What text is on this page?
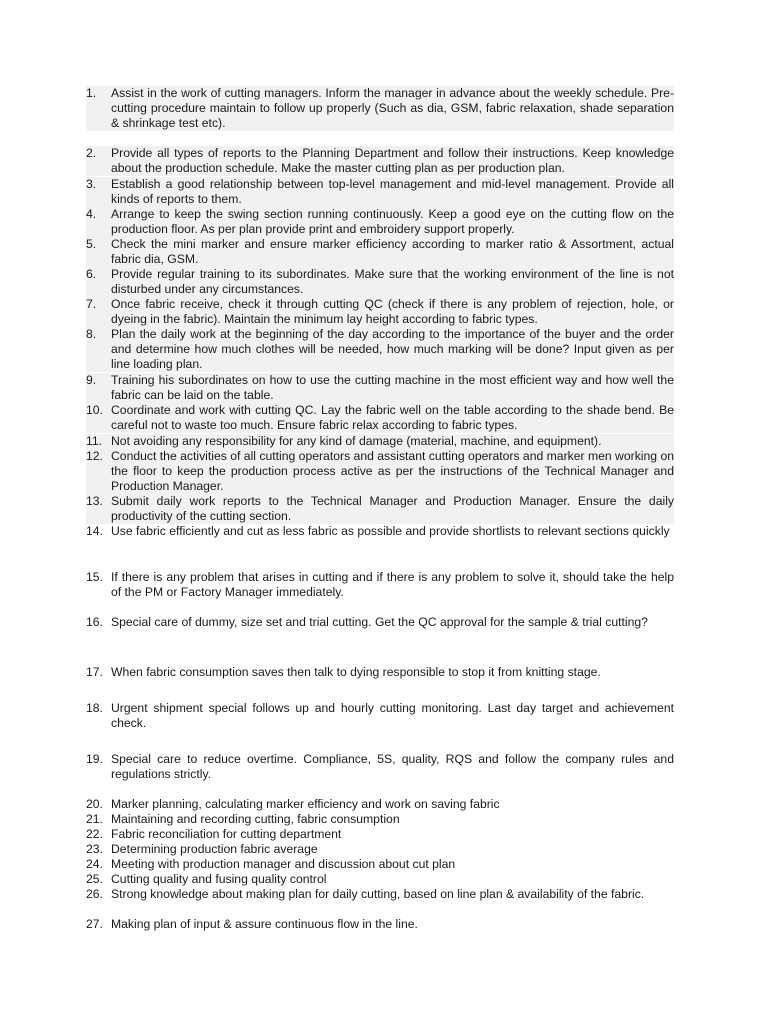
1.	Assist in the work of cutting managers. Inform the manager in advance about the weekly schedule. Pre-cutting procedure maintain to follow up properly (Such as dia, GSM, fabric relaxation, shade separation & shrinkage test etc).
2.	Provide all types of reports to the Planning Department and follow their instructions. Keep knowledge about the production schedule. Make the master cutting plan as per production plan.
3.	Establish a good relationship between top-level management and mid-level management. Provide all kinds of reports to them.
4.	Arrange to keep the swing section running continuously. Keep a good eye on the cutting flow on the production floor. As per plan provide print and embroidery support properly.
5.	Check the mini marker and ensure marker efficiency according to marker ratio & Assortment, actual fabric dia, GSM.
6.	Provide regular training to its subordinates. Make sure that the working environment of the line is not disturbed under any circumstances.
7.	Once fabric receive, check it through cutting QC (check if there is any problem of rejection, hole, or dyeing in the fabric). Maintain the minimum lay height according to fabric types.
8.	Plan the daily work at the beginning of the day according to the importance of the buyer and the order and determine how much clothes will be needed, how much marking will be done? Input given as per line loading plan.
9.	Training his subordinates on how to use the cutting machine in the most efficient way and how well the fabric can be laid on the table.
10. Coordinate and work with cutting QC. Lay the fabric well on the table according to the shade bend. Be careful not to waste too much. Ensure fabric relax according to fabric types.
11. Not avoiding any responsibility for any kind of damage (material, machine, and equipment).
12. Conduct the activities of all cutting operators and assistant cutting operators and marker men working on the floor to keep the production process active as per the instructions of the Technical Manager and Production Manager.
13. Submit daily work reports to the Technical Manager and Production Manager. Ensure the daily productivity of the cutting section.
14. Use fabric efficiently and cut as less fabric as possible and provide shortlists to relevant sections quickly
15. If there is any problem that arises in cutting and if there is any problem to solve it, should take the help of the PM or Factory Manager immediately.
16. Special care of dummy, size set and trial cutting. Get the QC approval for the sample & trial cutting?
17. When fabric consumption saves then talk to dying responsible to stop it from knitting stage.
18. Urgent shipment special follows up and hourly cutting monitoring. Last day target and achievement check.
19. Special care to reduce overtime. Compliance, 5S, quality, RQS and follow the company rules and regulations strictly.
20. Marker planning, calculating marker efficiency and work on saving fabric
21. Maintaining and recording cutting, fabric consumption
22. Fabric reconciliation for cutting department
23. Determining production fabric average
24. Meeting with production manager and discussion about cut plan
25. Cutting quality and fusing quality control
26. Strong knowledge about making plan for daily cutting, based on line plan & availability of the fabric.
27. Making plan of input & assure continuous flow in the line.
